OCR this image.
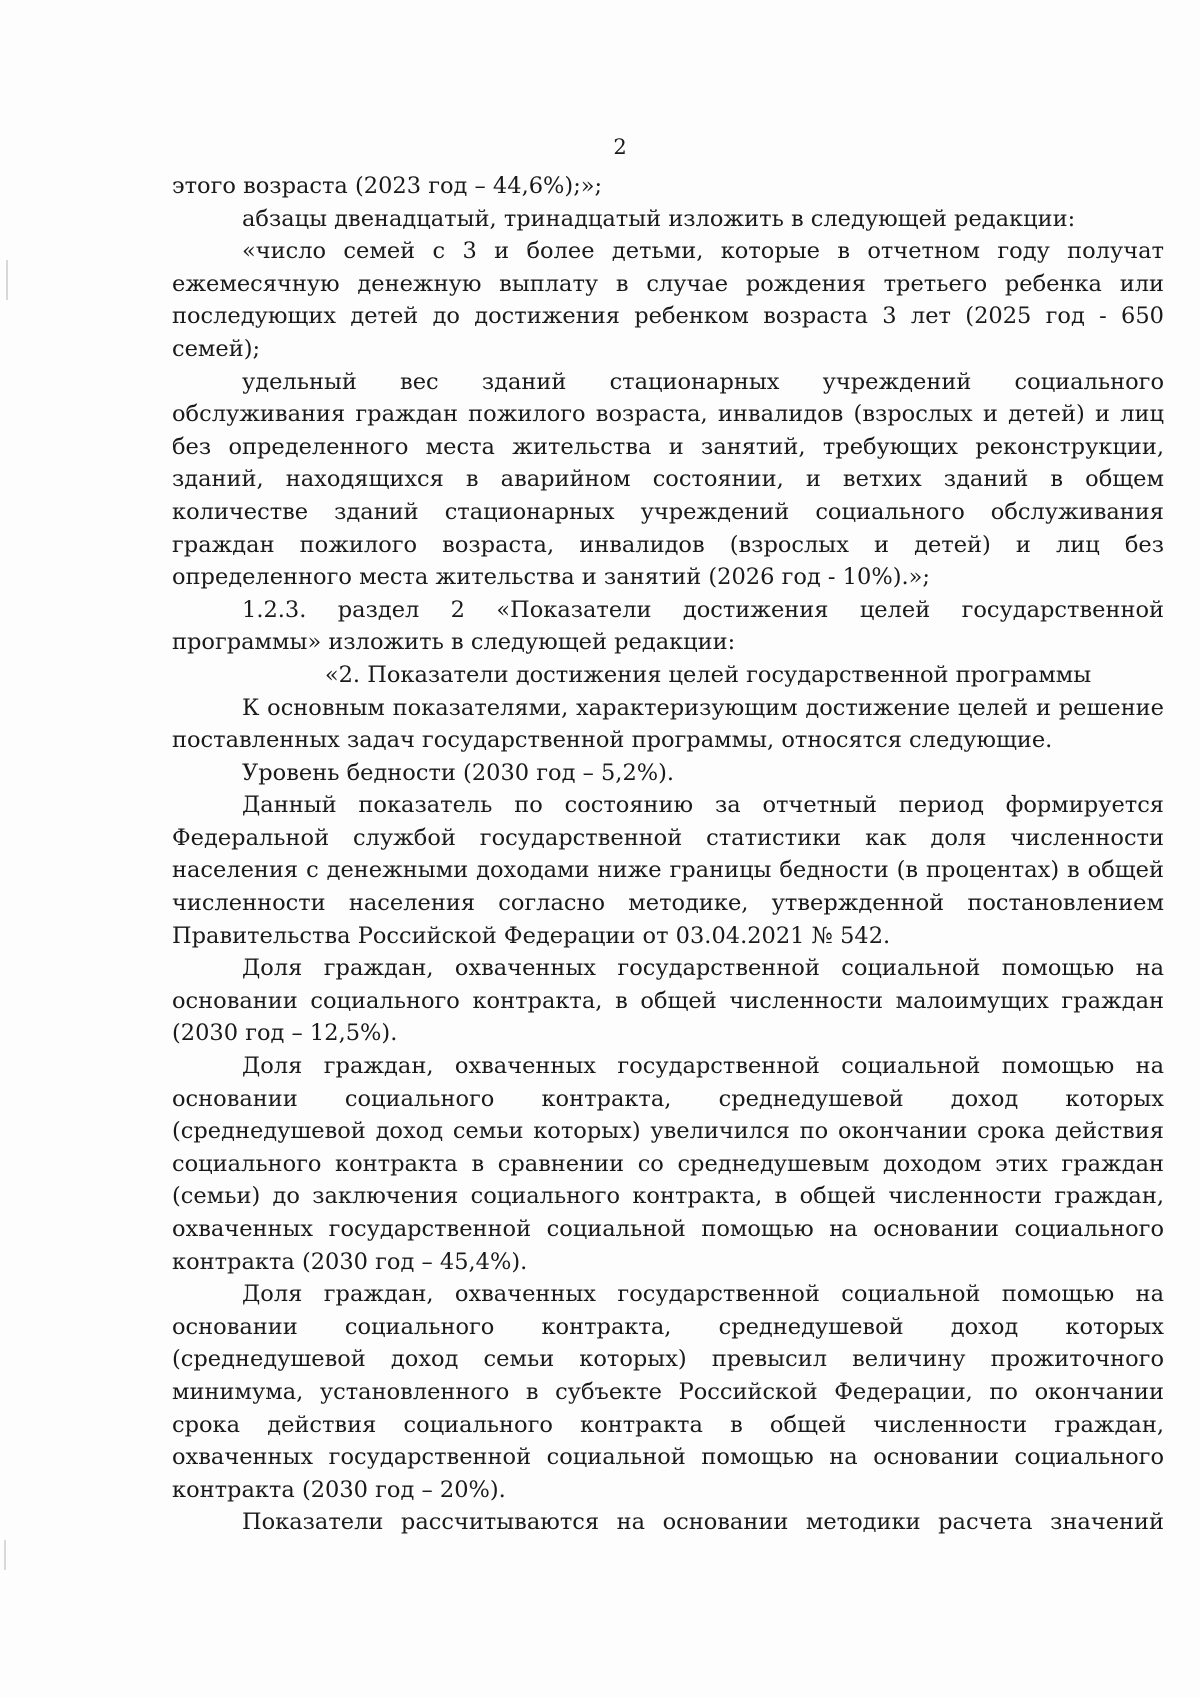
2

этого возраста (2023 год – 44,6%);»;

абзацы двенадцатый, тринадцатый изложить в следующей редакции:

«число семей с 3 и более детьми, которые в отчетном году получат ежемесячную денежную выплату в случае рождения третьего ребенка или последующих детей до достижения ребенком возраста 3 лет (2025 год - 650 семей);

удельный вес зданий стационарных учреждений социального обслуживания граждан пожилого возраста, инвалидов (взрослых и детей) и лиц без определенного места жительства и занятий, требующих реконструкции, зданий, находящихся в аварийном состоянии, и ветхих зданий в общем количестве зданий стационарных учреждений социального обслуживания граждан пожилого возраста, инвалидов (взрослых и детей) и лиц без определенного места жительства и занятий (2026 год - 10%).»;

1.2.3. раздел 2 «Показатели достижения целей государственной программы» изложить в следующей редакции:

«2. Показатели достижения целей государственной программы

К основным показателями, характеризующим достижение целей и решение поставленных задач государственной программы, относятся следующие.

Уровень бедности (2030 год – 5,2%).

Данный показатель по состоянию за отчетный период формируется Федеральной службой государственной статистики как доля численности населения с денежными доходами ниже границы бедности (в процентах) в общей численности населения согласно методике, утвержденной постановлением Правительства Российской Федерации от 03.04.2021 № 542.

Доля граждан, охваченных государственной социальной помощью на основании социального контракта, в общей численности малоимущих граждан (2030 год – 12,5%).

Доля граждан, охваченных государственной социальной помощью на основании социального контракта, среднедушевой доход которых (среднедушевой доход семьи которых) увеличился по окончании срока действия социального контракта в сравнении со среднедушевым доходом этих граждан (семьи) до заключения социального контракта, в общей численности граждан, охваченных государственной социальной помощью на основании социального контракта (2030 год – 45,4%).

Доля граждан, охваченных государственной социальной помощью на основании социального контракта, среднедушевой доход которых (среднедушевой доход семьи которых) превысил величину прожиточного минимума, установленного в субъекте Российской Федерации, по окончании срока действия социального контракта в общей численности граждан, охваченных государственной социальной помощью на основании социального контракта (2030 год – 20%).

Показатели рассчитываются на основании методики расчета значений
